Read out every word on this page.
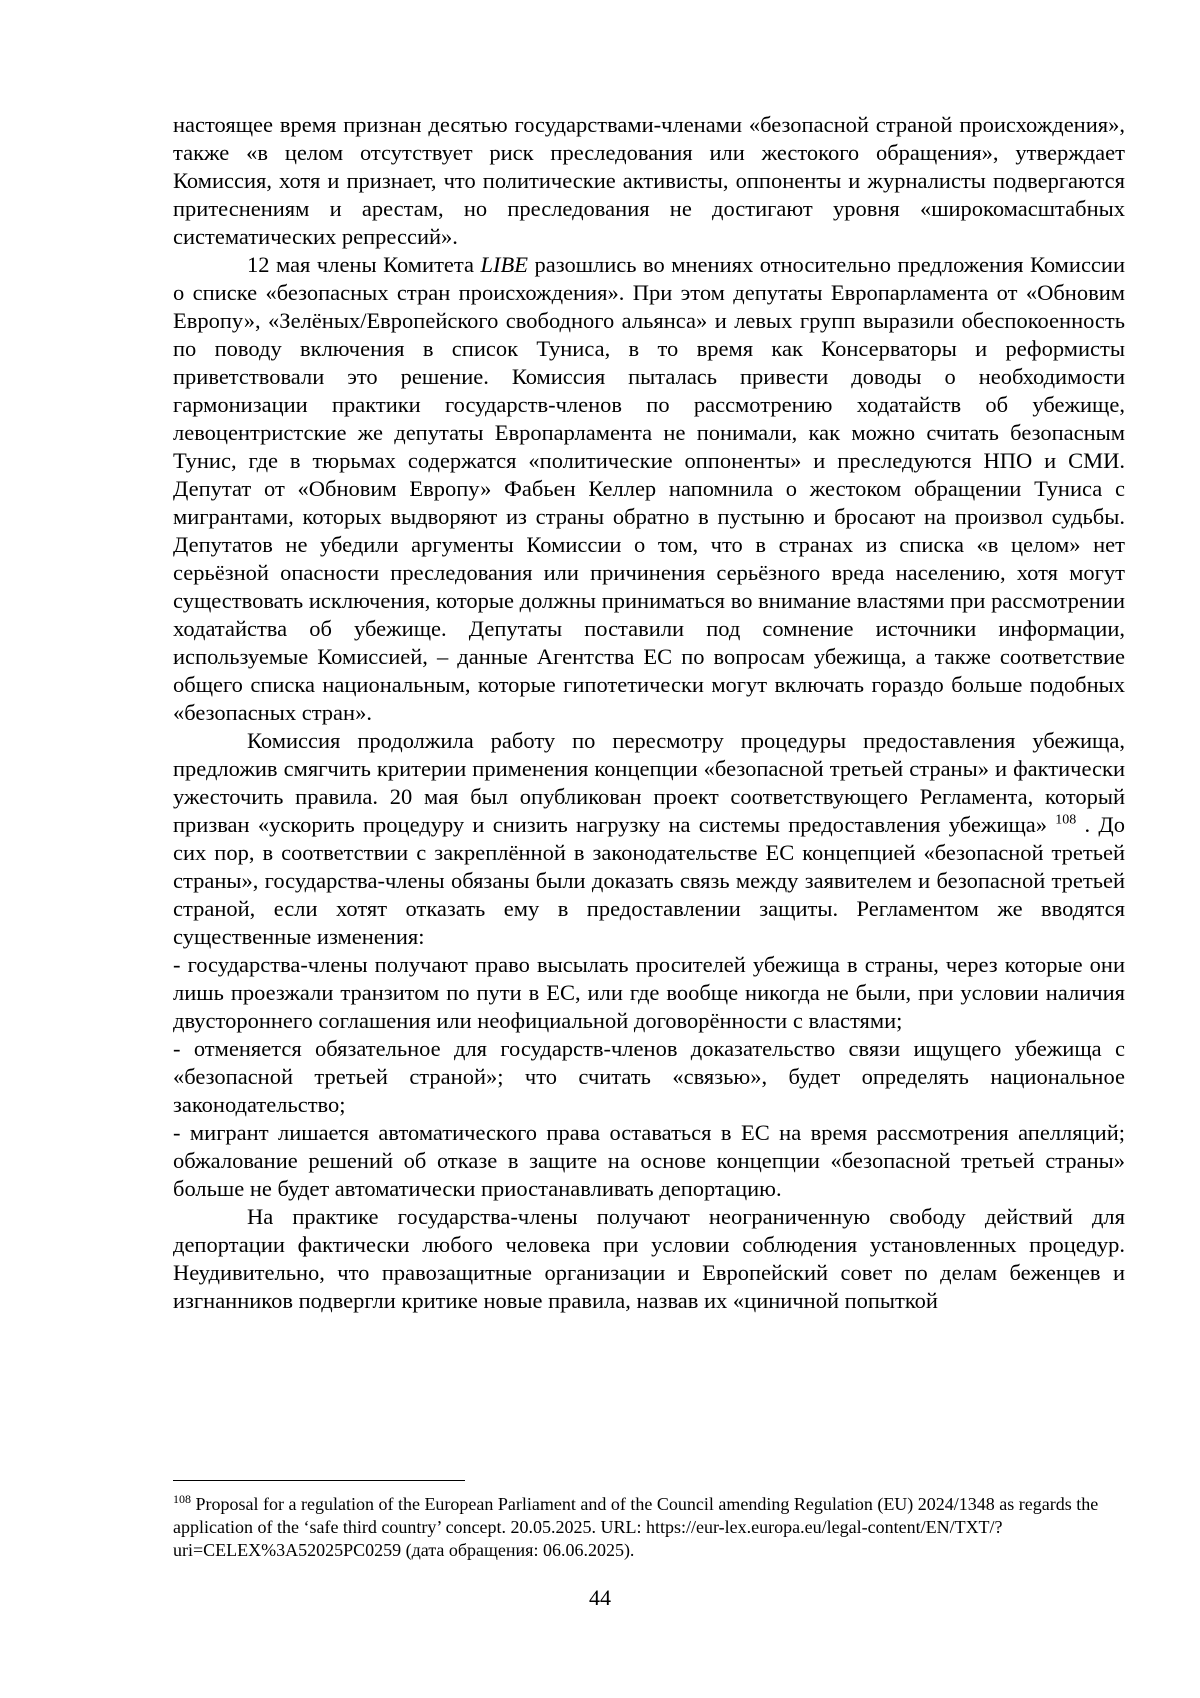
настоящее время признан десятью государствами-членами «безопасной страной происхождения», также «в целом отсутствует риск преследования или жестокого обращения», утверждает Комиссия, хотя и признает, что политические активисты, оппоненты и журналисты подвергаются притеснениям и арестам, но преследования не достигают уровня «широкомасштабных систематических репрессий».

12 мая члены Комитета LIBE разошлись во мнениях относительно предложения Комиссии о списке «безопасных стран происхождения». При этом депутаты Европарламента от «Обновим Европу», «Зелёных/Европейского свободного альянса» и левых групп выразили обеспокоенность по поводу включения в список Туниса, в то время как Консерваторы и реформисты приветствовали это решение. Комиссия пыталась привести доводы о необходимости гармонизации практики государств-членов по рассмотрению ходатайств об убежище, левоцентристские же депутаты Европарламента не понимали, как можно считать безопасным Тунис, где в тюрьмах содержатся «политические оппоненты» и преследуются НПО и СМИ. Депутат от «Обновим Европу» Фабьен Келлер напомнила о жестоком обращении Туниса с мигрантами, которых выдворяют из страны обратно в пустыню и бросают на произвол судьбы. Депутатов не убедили аргументы Комиссии о том, что в странах из списка «в целом» нет серьёзной опасности преследования или причинения серьёзного вреда населению, хотя могут существовать исключения, которые должны приниматься во внимание властями при рассмотрении ходатайства об убежище. Депутаты поставили под сомнение источники информации, используемые Комиссией, – данные Агентства ЕС по вопросам убежища, а также соответствие общего списка национальным, которые гипотетически могут включать гораздо больше подобных «безопасных стран».

Комиссия продолжила работу по пересмотру процедуры предоставления убежища, предложив смягчить критерии применения концепции «безопасной третьей страны» и фактически ужесточить правила. 20 мая был опубликован проект соответствующего Регламента, который призван «ускорить процедуру и снизить нагрузку на системы предоставления убежища» $^{108}$ . До сих пор, в соответствии с закреплённой в законодательстве ЕС концепцией «безопасной третьей страны», государства-члены обязаны были доказать связь между заявителем и безопасной третьей страной, если хотят отказать ему в предоставлении защиты. Регламентом же вводятся существенные изменения:

- государства-члены получают право высылать просителей убежища в страны, через которые они лишь проезжали транзитом по пути в ЕС, или где вообще никогда не были, при условии наличия двустороннего соглашения или неофициальной договорённости с властями;

- отменяется обязательное для государств-членов доказательство связи ищущего убежища с «безопасной третьей страной»; что считать «связью», будет определять национальное законодательство;

- мигрант лишается автоматического права оставаться в ЕС на время рассмотрения апелляций; обжалование решений об отказе в защите на основе концепции «безопасной третьей страны» больше не будет автоматически приостанавливать депортацию.

На практике государства-члены получают неограниченную свободу действий для депортации фактически любого человека при условии соблюдения установленных процедур. Неудивительно, что правозащитные организации и Европейский совет по делам беженцев и изгнанников подвергли критике новые правила, назвав их «циничной попыткой

$^{108}$ Proposal for a regulation of the European Parliament and of the Council amending Regulation (EU) 2024/1348 as regards the application of the ‘safe third country’ concept. 20.05.2025. URL: https://eur-lex.europa.eu/legal-content/EN/TXT/?uri=CELEX%3A52025PC0259 (дата обращения: 06.06.2025).
44
